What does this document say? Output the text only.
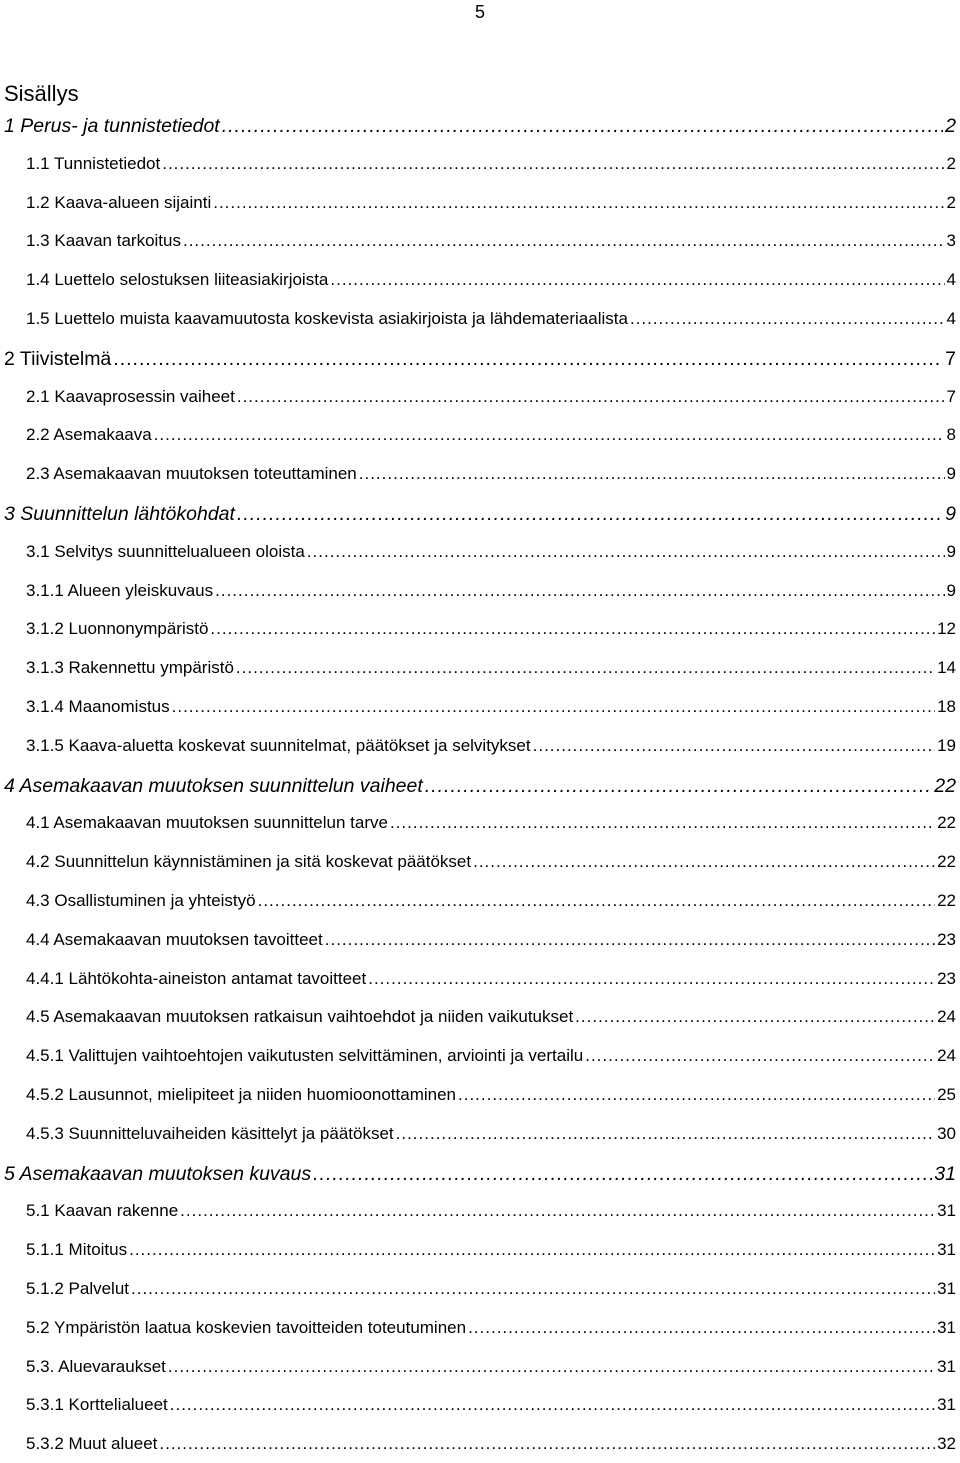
5
Sisällys
1 Perus- ja tunnistetiedot .....	2
1.1 Tunnistetiedot .....	2
1.2 Kaava-alueen sijainti .....	2
1.3 Kaavan tarkoitus .....	3
1.4 Luettelo selostuksen liiteasiakirjoista .....	4
1.5 Luettelo muista kaavamuutosta koskevista asiakirjoista ja lähdemateriaalista .....	4
2 Tiivistelmä .....	7
2.1 Kaavaprosessin vaiheet .....	7
2.2 Asemakaava .....	8
2.3 Asemakaavan muutoksen toteuttaminen .....	9
3 Suunnittelun lähtökohdat .....	9
3.1 Selvitys suunnittelualueen oloista .....	9
3.1.1 Alueen yleiskuvaus .....	9
3.1.2 Luonnonympäristö .....	12
3.1.3 Rakennettu ympäristö .....	14
3.1.4 Maanomistus .....	18
3.1.5 Kaava-aluetta koskevat suunnitelmat, päätökset ja selvitykset .....	19
4 Asemakaavan muutoksen suunnittelun vaiheet .....	22
4.1 Asemakaavan muutoksen suunnittelun tarve .....	22
4.2 Suunnittelun käynnistäminen ja sitä koskevat päätökset .....	22
4.3 Osallistuminen ja yhteistyö .....	22
4.4 Asemakaavan muutoksen tavoitteet .....	23
4.4.1 Lähtökohta-aineiston antamat tavoitteet .....	23
4.5 Asemakaavan muutoksen ratkaisun vaihtoehdot ja niiden vaikutukset .....	24
4.5.1 Valittujen vaihtoehtojen vaikutusten selvittäminen, arviointi ja vertailu .....	24
4.5.2 Lausunnot, mielipiteet ja niiden huomioonottaminen .....	25
4.5.3 Suunnitteluvaiheiden käsittelyt ja päätökset .....	30
5 Asemakaavan muutoksen kuvaus .....	31
5.1 Kaavan rakenne .....	31
5.1.1 Mitoitus .....	31
5.1.2 Palvelut .....	31
5.2 Ympäristön laatua koskevien tavoitteiden toteutuminen .....	31
5.3. Aluevaraukset .....	31
5.3.1 Korttelialueet .....	31
5.3.2 Muut alueet .....	32
